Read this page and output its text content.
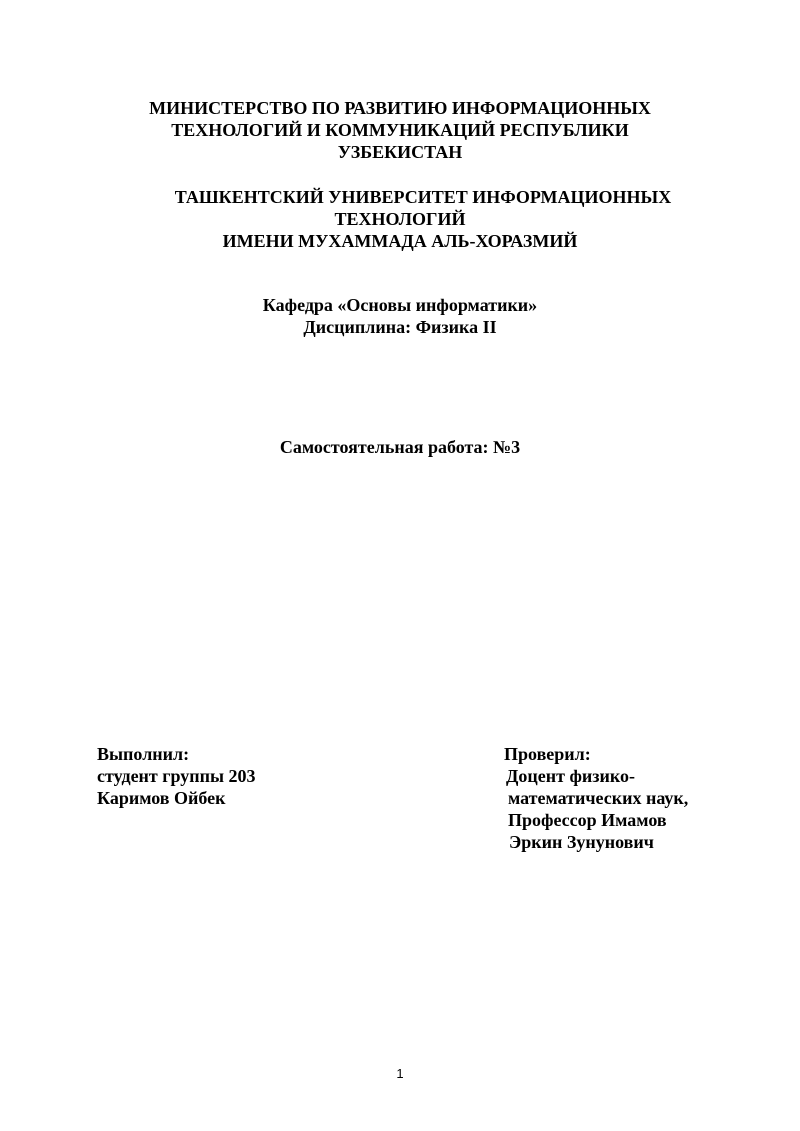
МИНИСТЕРСТВО ПО РАЗВИТИЮ ИНФОРМАЦИОННЫХ
ТЕХНОЛОГИЙ И КОММУНИКАЦИЙ РЕСПУБЛИКИ
УЗБЕКИСТАН
ТАШКЕНТСКИЙ УНИВЕРСИТЕТ ИНФОРМАЦИОННЫХ
ТЕХНОЛОГИЙ
ИМЕНИ МУХАММАДА АЛЬ-ХОРАЗМИЙ
Кафедра «Основы информатики»
Дисциплина: Физика II
Самостоятельная работа: №3
Выполнил:
студент группы 203
Каримов Ойбек
Проверил:
Доцент физико-
математических наук,
Профессор Имамов
Эркин Зунунович
1
